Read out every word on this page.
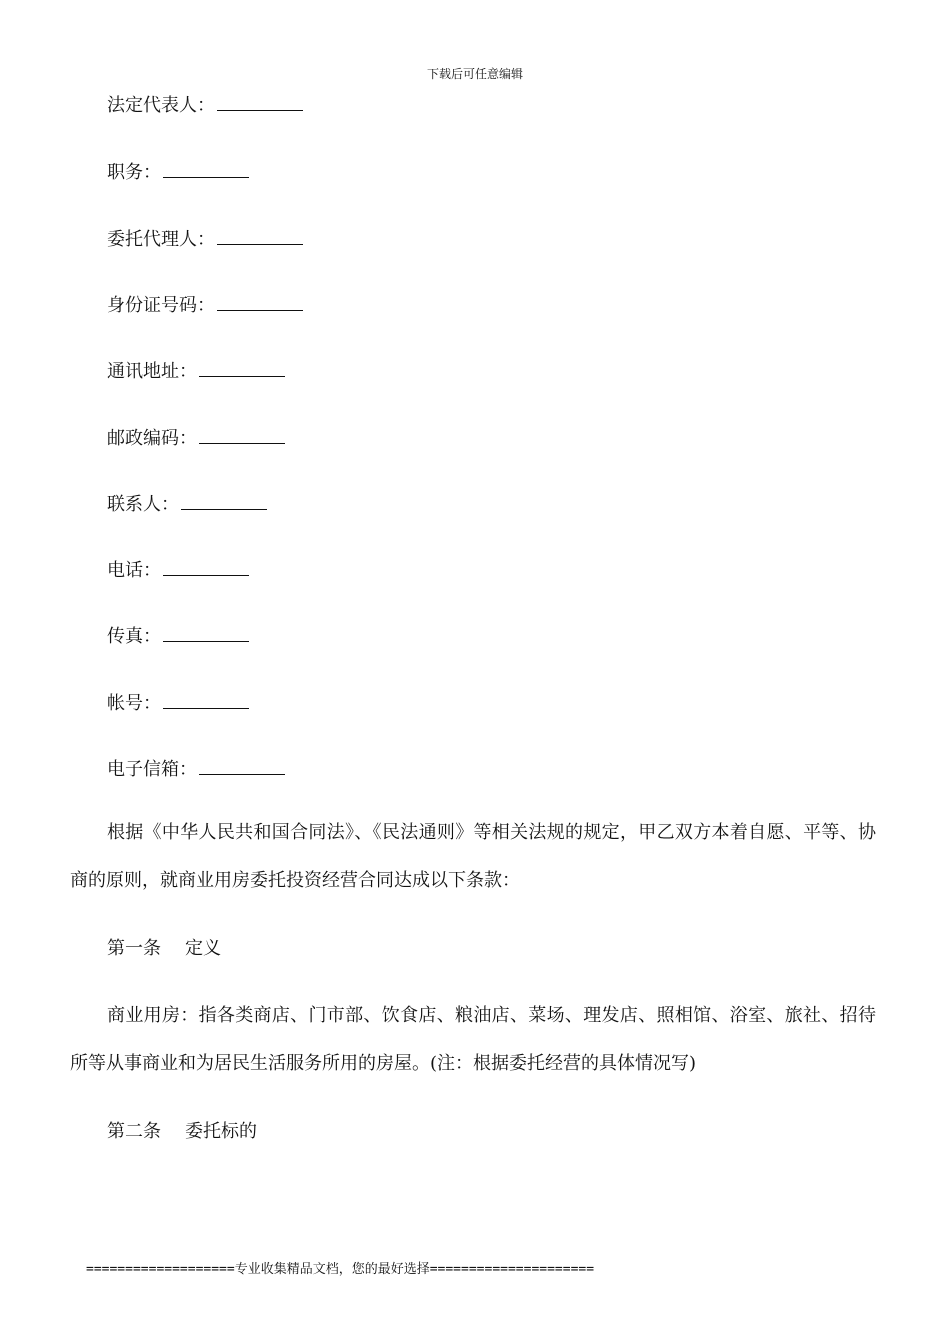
下载后可任意编辑
法定代表人：
职务：
委托代理人：
身份证号码：
通讯地址：
邮政编码：
联系人：
电话：
传真：
帐号：
电子信箱：
根据《中华人民共和国合同法》、《民法通则》等相关法规的规定，甲乙双方本着自愿、平等、协商的原则，就商业用房委托投资经营合同达成以下条款：
第一条 定义
商业用房：指各类商店、门市部、饮食店、粮油店、菜场、理发店、照相馆、浴室、旅社、招待所等从事商业和为居民生活服务所用的房屋。(注：根据委托经营的具体情况写)
第二条 委托标的
===================专业收集精品文档，您的最好选择=====================
